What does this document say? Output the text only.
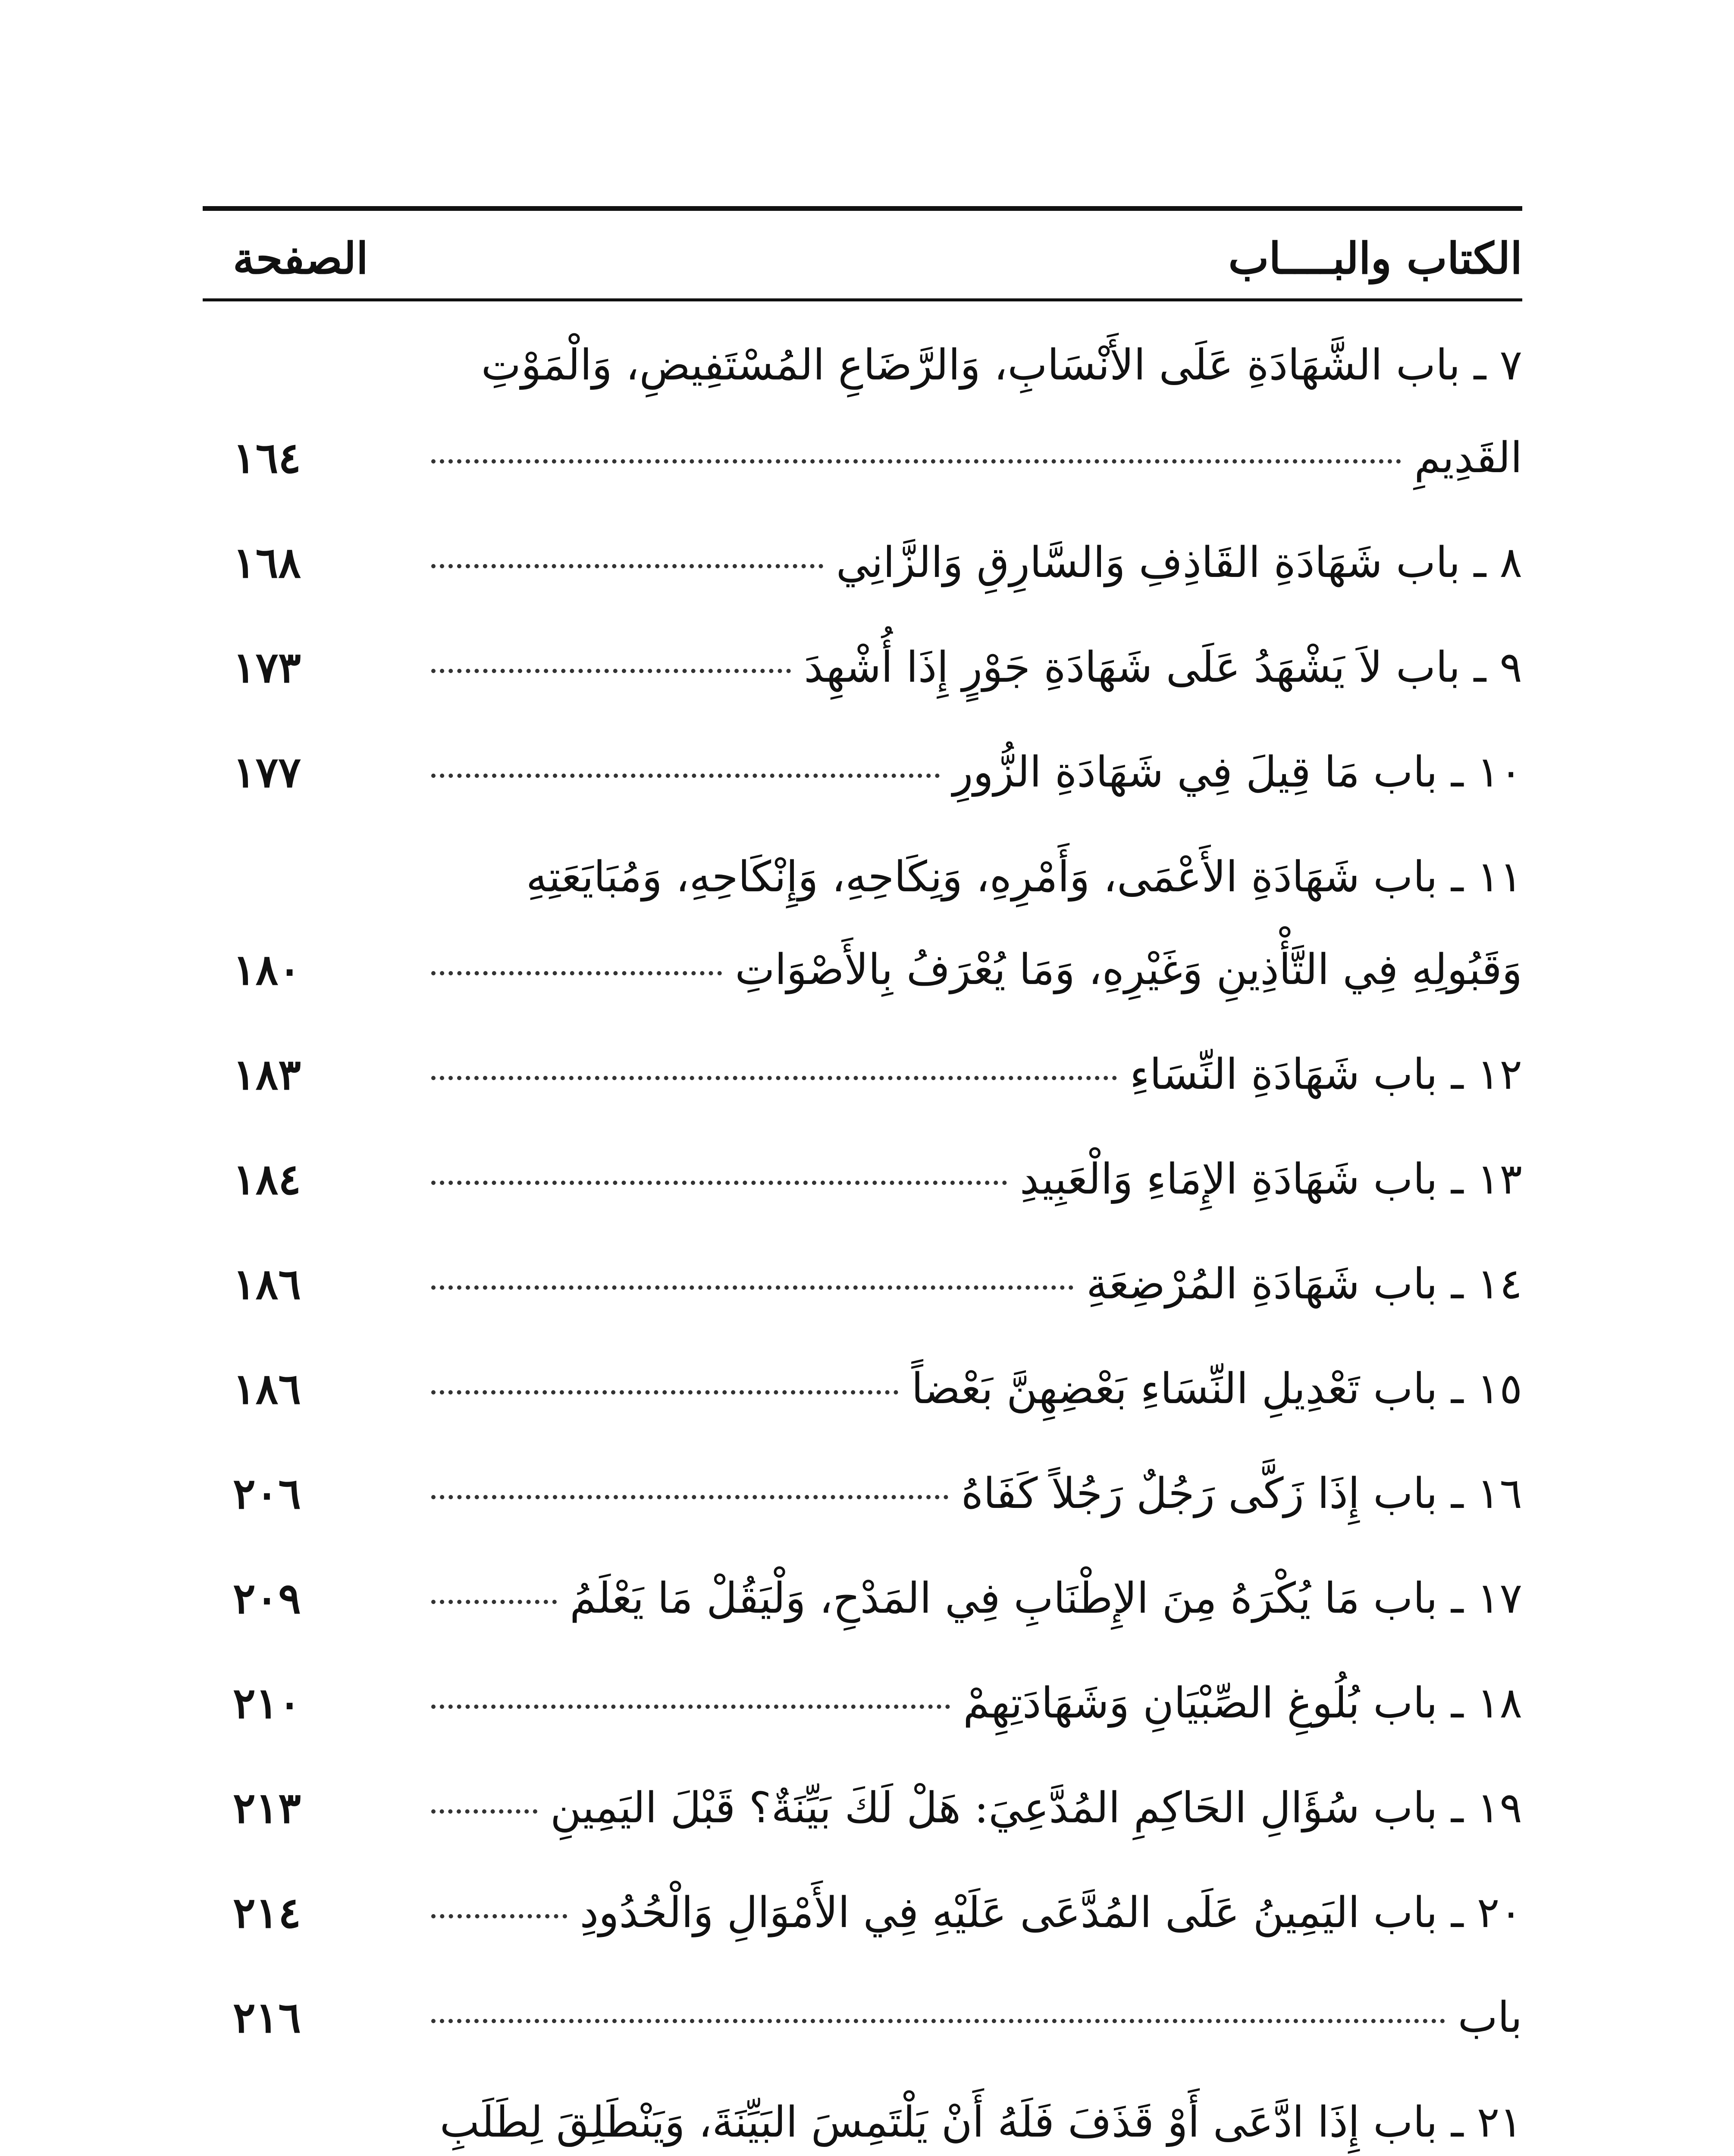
الكتاب والبــــاب
الصفحة
٧ ـ باب الشَّهَادَةِ عَلَى الأَنْسَابِ، وَالرَّضَاعِ المُسْتَفِيضِ، وَالْمَوْتِ
القَدِيمِ
١٦٤
٨ ـ باب شَهَادَةِ القَاذِفِ وَالسَّارِقِ وَالزَّانِي
١٦٨
٩ ـ باب لاَ يَشْهَدُ عَلَى شَهَادَةِ جَوْرٍ إِذَا أُشْهِدَ
١٧٣
١٠ ـ باب مَا قِيلَ فِي شَهَادَةِ الزُّورِ
١٧٧
١١ ـ باب شَهَادَةِ الأَعْمَى، وَأَمْرِهِ، وَنِكَاحِهِ، وَإِنْكَاحِهِ، وَمُبَايَعَتِهِ
وَقَبُولِهِ فِي التَّأْذِينِ وَغَيْرِهِ، وَمَا يُعْرَفُ بِالأَصْوَاتِ
١٨٠
١٢ ـ باب شَهَادَةِ النِّسَاءِ
١٨٣
١٣ ـ باب شَهَادَةِ الإِمَاءِ وَالْعَبِيدِ
١٨٤
١٤ ـ باب شَهَادَةِ المُرْضِعَةِ
١٨٦
١٥ ـ باب تَعْدِيلِ النِّسَاءِ بَعْضِهِنَّ بَعْضاً
١٨٦
١٦ ـ باب إِذَا زَكَّى رَجُلٌ رَجُلاً كَفَاهُ
٢٠٦
١٧ ـ باب مَا يُكْرَهُ مِنَ الإِطْنَابِ فِي المَدْحِ، وَلْيَقُلْ مَا يَعْلَمُ
٢٠٩
١٨ ـ باب بُلُوغِ الصِّبْيَانِ وَشَهَادَتِهِمْ
٢١٠
١٩ ـ باب سُؤَالِ الحَاكِمِ المُدَّعِيَ: هَلْ لَكَ بَيِّنَةٌ؟ قَبْلَ اليَمِينِ
٢١٣
٢٠ ـ باب اليَمِينُ عَلَى المُدَّعَى عَلَيْهِ فِي الأَمْوَالِ وَالْحُدُودِ
٢١٤
باب
٢١٦
٢١ ـ باب إِذَا ادَّعَى أَوْ قَذَفَ فَلَهُ أَنْ يَلْتَمِسَ البَيِّنَةَ، وَيَنْطَلِقَ لِطَلَبِ
